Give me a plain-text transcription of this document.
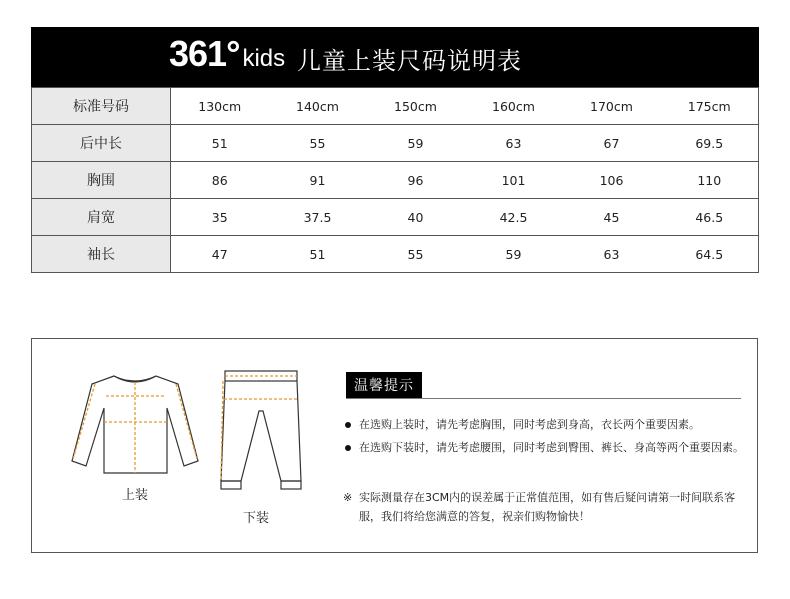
361° kids 儿童上装尺码说明表
标准号码	130cm	140cm	150cm	160cm	170cm	175cm
后中长	51	55	59	63	67	69.5
胸围	86	91	96	101	106	110
肩宽	35	37.5	40	42.5	45	46.5
袖长	47	51	55	59	63	64.5
上装
下装
温馨提示
在选购上装时，请先考虑胸围，同时考虑到身高，衣长两个重要因素。
在选购下装时，请先考虑腰围，同时考虑到臀围、裤长、身高等两个重要因素。
※ 实际测量存在3CM内的误差属于正常值范围，如有售后疑问请第一时间联系客服，我们将给您满意的答复，祝亲们购物愉快！
